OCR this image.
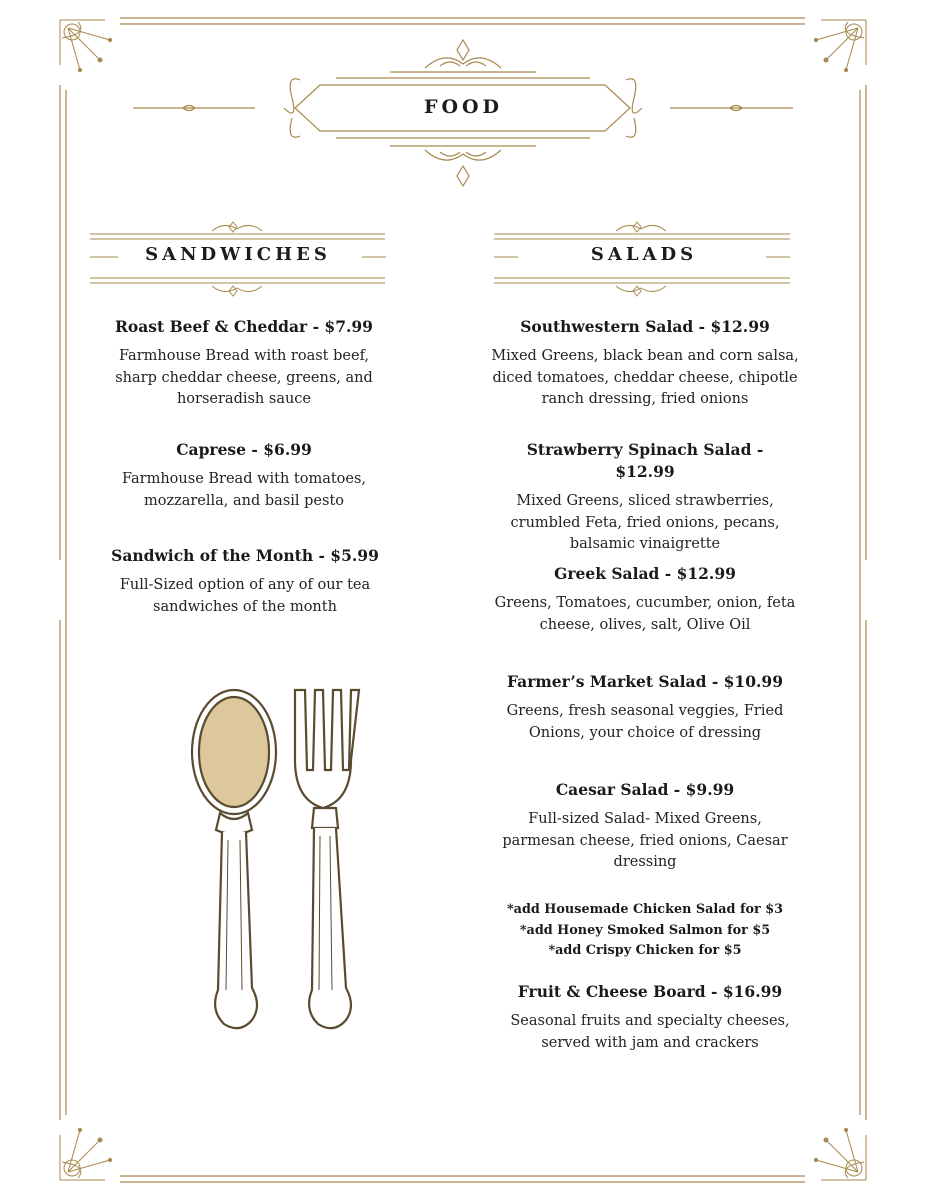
FOOD
SANDWICHES	SALADS
Roast Beef & Cheddar - $7.99
Farmhouse Bread with roast beef, sharp cheddar cheese, greens, and horseradish sauce
Caprese - $6.99
Farmhouse Bread with tomatoes, mozzarella, and basil pesto
Sandwich of the Month - $5.99
Full-Sized option of any of our tea sandwiches of the month
Southwestern Salad - $12.99
Mixed Greens, black bean and corn salsa, diced tomatoes, cheddar cheese, chipotle ranch dressing, fried onions
Strawberry Spinach Salad - $12.99
Mixed Greens, sliced strawberries, crumbled Feta, fried onions, pecans, balsamic vinaigrette
Greek Salad - $12.99
Greens, Tomatoes, cucumber, onion, feta cheese, olives, salt, Olive Oil
Farmer’s Market Salad - $10.99
Greens, fresh seasonal veggies, Fried Onions, your choice of dressing
Caesar Salad - $9.99
Full-sized Salad- Mixed Greens, parmesan cheese, fried onions, Caesar dressing
*add Housemade Chicken Salad for $3
*add Honey Smoked Salmon for $5
*add Crispy Chicken for $5
Fruit & Cheese Board - $16.99
Seasonal fruits and specialty cheeses, served with jam and crackers
